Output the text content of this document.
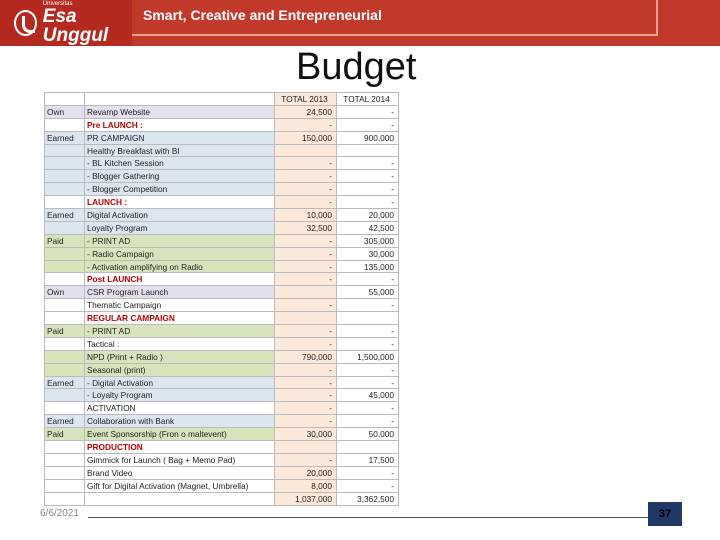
Universitas
Esa Unggul
Smart, Creative and Entrepreneurial
Budget
		TOTAL 2013	TOTAL 2014
Own	Revamp Website	24,500	-
	Pre LAUNCH :	-	-
Earned	PR CAMPAIGN	150,000	900,000
	Healthy Breakfast with BI		
	- BL Kitchen Session	-	-
	- Blogger Gathering	-	-
	- Blogger Competition	-	-
	LAUNCH :	-	-
Earned	Digital Activation	10,000	20,000
	Loyalty Program	32,500	42,500
Paid	- PRINT AD	-	305,000
	- Radio Campaign	-	30,000
	- Activation amplifying on Radio	-	135,000
	Post LAUNCH	-	-
Own	CSR Program Launch		55,000
	Thematic Campaign	-	-
	REGULAR CAMPAIGN		
Paid	- PRINT AD	-	-
	Tactical :	-	-
	NPD (Print + Radio )	790,000	1,500,000
	Seasonal (print)	-	-
Earned	- Digital Activation	-	-
	- Loyalty Program	-	45,000
	ACTIVATION	-	-
Earned	Collaboration with Bank	-	-
Paid	Event Sponsorship (Fron o maltevent)	30,000	50,000
	PRODUCTION		
	Gimmick for Launch ( Bag + Memo Pad)	-	17,500
	Brand Video	20,000	-
	Gift for Digital Activation (Magnet, Umbrella)	8,000	-
		1,037,000	3,362,500
6/6/2021	37
